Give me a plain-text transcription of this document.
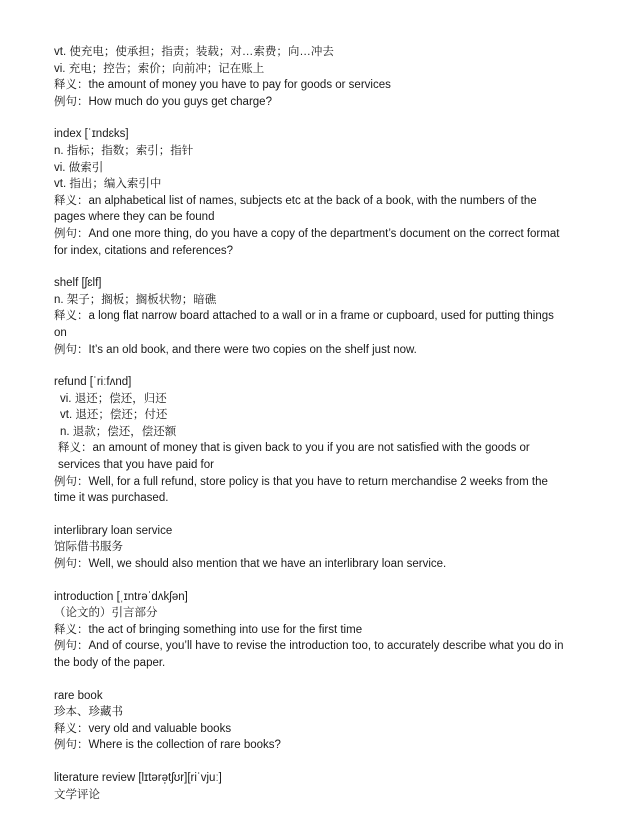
vt. 使充电；使承担；指责；装载；对…索费；向…冲去
vi. 充电；控告；索价；向前冲；记在账上
释义：the amount of money you have to pay for goods or services
例句：How much do you guys get charge?
index [ˈɪndɛks]
n. 指标；指数；索引；指针
vi. 做索引
vt. 指出；编入索引中
释义：an alphabetical list of names, subjects etc at the back of a book, with the numbers of the pages where they can be found
例句：And one more thing, do you have a copy of the department’s document on the correct format for index, citations and references?
shelf [ʃɛlf]
n. 架子；搁板；搁板状物；暗礁
释义：a long flat narrow board attached to a wall or in a frame or cupboard, used for putting things on
例句：It’s an old book, and there were two copies on the shelf just now.
refund [ˈriːfʌnd]
vi. 退还；偿还，归还
vt. 退还；偿还；付还
n. 退款；偿还，偿还额
释义：an amount of money that is given back to you if you are not satisfied with the goods or services that you have paid for
例句：Well, for a full refund, store policy is that you have to return merchandise 2 weeks from the time it was purchased.
interlibrary loan service
馆际借书服务
例句：Well, we should also mention that we have an interlibrary loan service.
introduction [ˌɪntrəˈdʌkʃən]
（论文的）引言部分
释义：the act of bringing something into use for the first time
例句：And of course, you’ll have to revise the introduction too, to accurately describe what you do in the body of the paper.
rare book
珍本、珍藏书
释义：very old and valuable books
例句：Where is the collection of rare books?
literature review [lɪtərə̩tʃʊr][riˈvjuː]
文学评论
